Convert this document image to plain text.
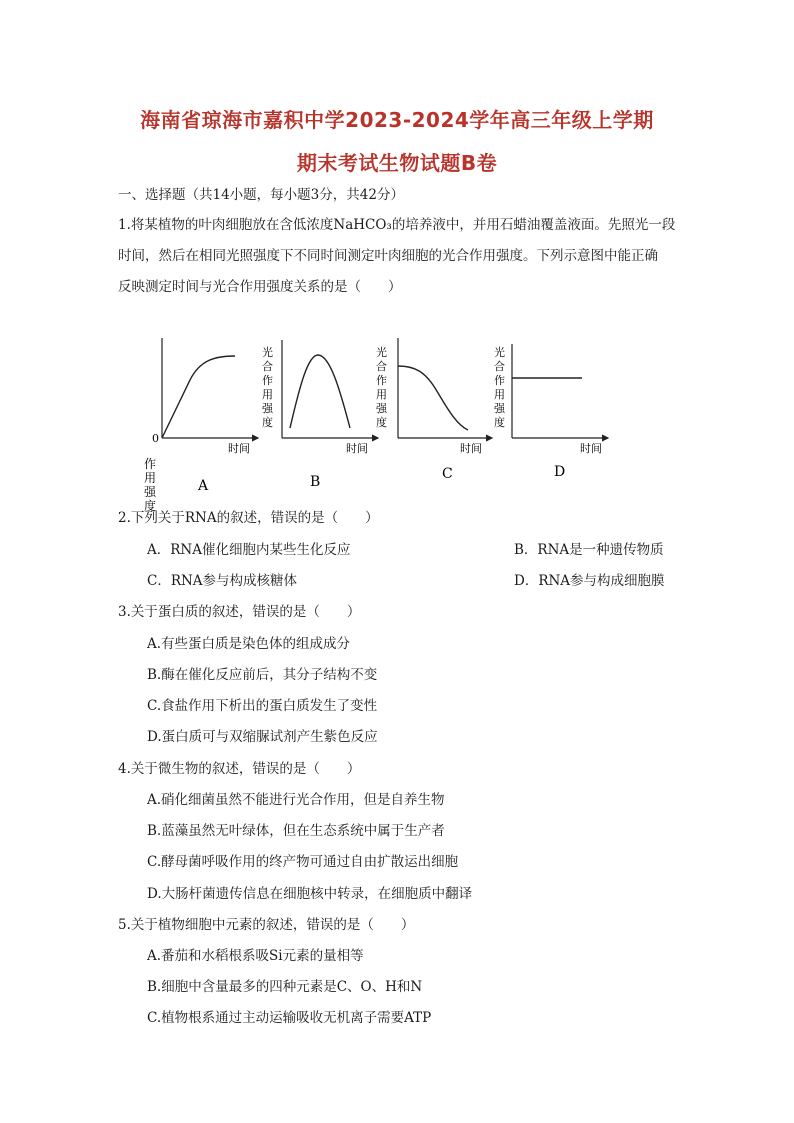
海南省琼海市嘉积中学2023-2024学年高三年级上学期
期末考试生物试题B卷
一、选择题（共14小题，每小题3分，共42分）
1.将某植物的叶肉细胞放在含低浓度NaHCO₃的培养液中，并用石蜡油覆盖液面。先照光一段
时间，然后在相同光照强度下不同时间测定叶肉细胞的光合作用强度。下列示意图中能正确
反映测定时间与光合作用强度关系的是（　　）
作用强度
0
时间
A
光合作用强度
时间
B
光合作用强度
时间
C
光合作用强度
时间
D
2.下列关于RNA的叙述，错误的是（　　）
A．RNA催化细胞内某些生化反应	B．RNA是一种遗传物质
C．RNA参与构成核糖体	D．RNA参与构成细胞膜
3.关于蛋白质的叙述，错误的是（　　）
A.有些蛋白质是染色体的组成成分
B.酶在催化反应前后，其分子结构不变
C.食盐作用下析出的蛋白质发生了变性
D.蛋白质可与双缩脲试剂产生紫色反应
4.关于微生物的叙述，错误的是（　　）
A.硝化细菌虽然不能进行光合作用，但是自养生物
B.蓝藻虽然无叶绿体，但在生态系统中属于生产者
C.酵母菌呼吸作用的终产物可通过自由扩散运出细胞
D.大肠杆菌遗传信息在细胞核中转录，在细胞质中翻译
5.关于植物细胞中元素的叙述，错误的是（　　）
A.番茄和水稻根系吸Si元素的量相等
B.细胞中含量最多的四种元素是C、O、H和N
C.植物根系通过主动运输吸收无机离子需要ATP
